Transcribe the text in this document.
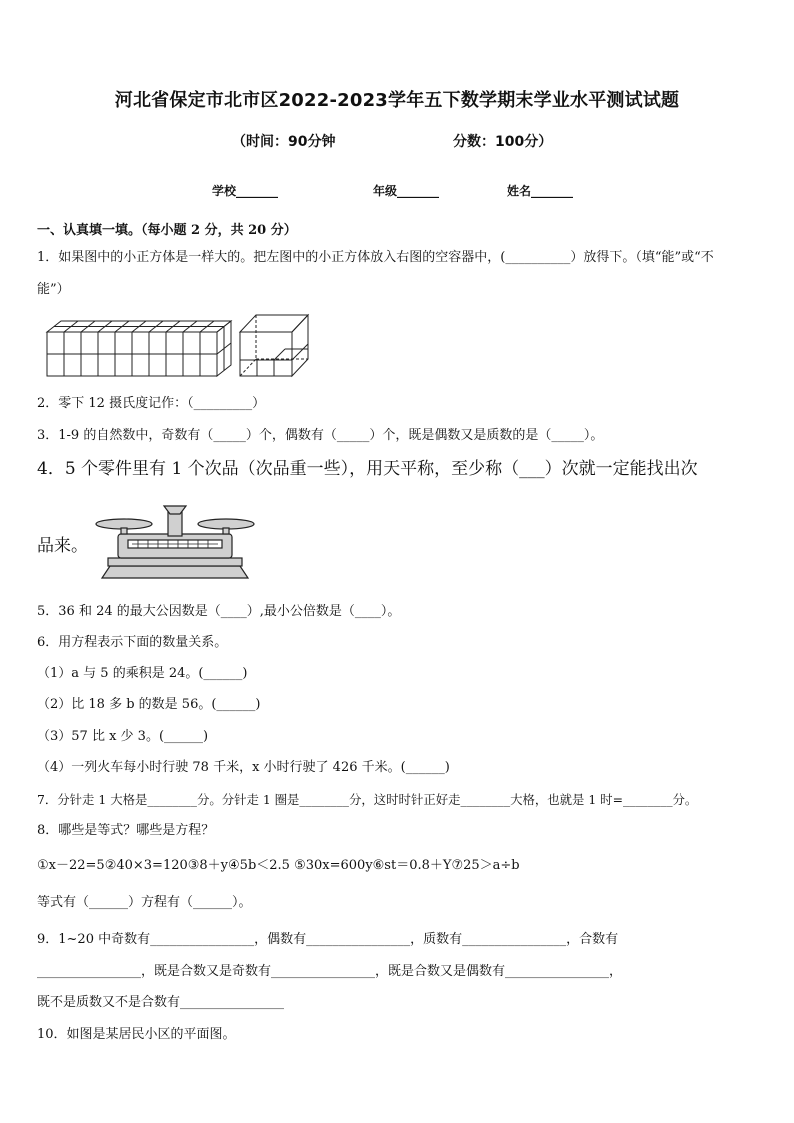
河北省保定市北市区2022-2023学年五下数学期末学业水平测试试题
（时间：90分钟	分数：100分）
学校_______	年级_______	姓名_______
一、认真填一填。（每小题 2 分，共 20 分）
1．如果图中的小正方体是一样大的。把左图中的小正方体放入右图的空容器中，(__________）放得下。（填“能”或“不
能”）
2．零下 12 摄氏度记作：（_________）
3．1-9 的自然数中，奇数有（_____）个，偶数有（_____）个，既是偶数又是质数的是（_____）。
4．5 个零件里有 1 个次品（次品重一些），用天平称，至少称（___）次就一定能找出次
品来。
5．36 和 24 的最大公因数是（____）,最小公倍数是（____）。
6．用方程表示下面的数量关系。
（1）a 与 5 的乘积是 24。(______)
（2）比 18 多 b 的数是 56。(______)
（3）57 比 x 少 3。(______)
（4）一列火车每小时行驶 78 千米，x 小时行驶了 426 千米。(______)
7．分针走 1 大格是________分。分针走 1 圈是________分，这时时针正好走________大格，也就是 1 时=________分。
8．哪些是等式？哪些是方程？
①x－22=5②40×3=120③8＋y④5b＜2.5 ⑤30x=600y⑥st＝0.8＋Y⑦25＞a÷b
等式有（______）方程有（______）。
9．1~20 中奇数有________________，偶数有________________，质数有________________，合数有
________________，既是合数又是奇数有________________，既是合数又是偶数有________________，
既不是质数又不是合数有________________
10．如图是某居民小区的平面图。
